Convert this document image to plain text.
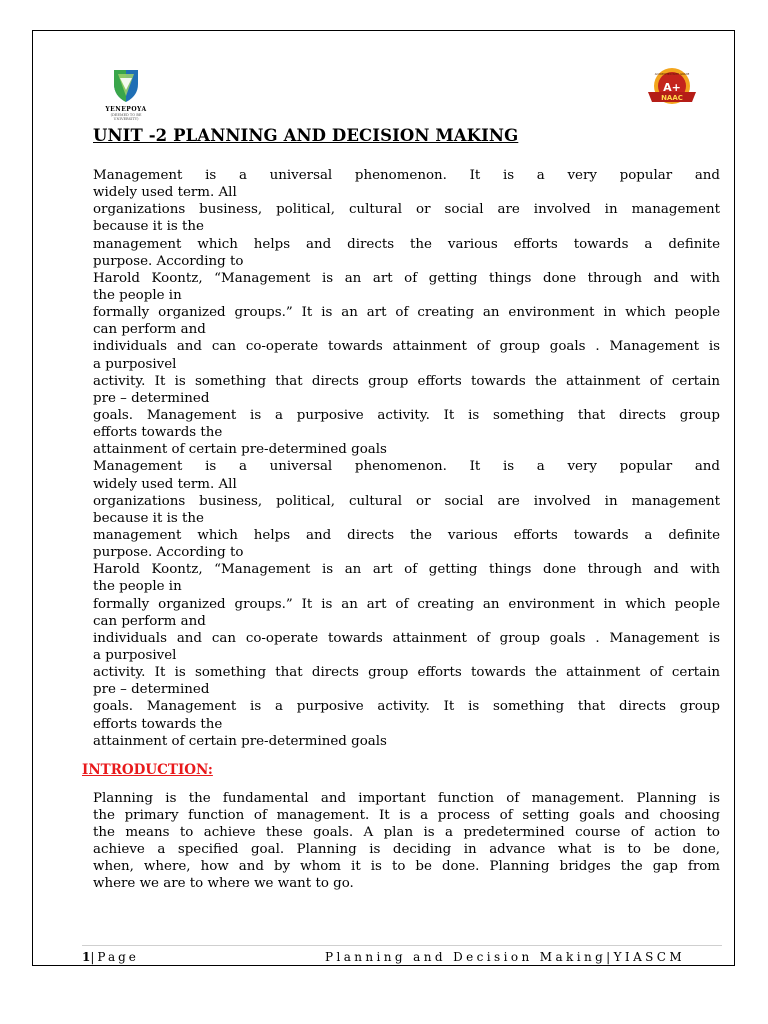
YENEPOYA
(DEEMED TO BE UNIVERSITY)
A+
NAAC
ACCREDITED WITH GRADE
UNIT -2 PLANNING AND DECISION MAKING
Management is a universal phenomenon. It is a very popular and
widely used term. All
organizations business, political, cultural or social are involved in management
because it is the
management which helps and directs the various efforts towards a definite
purpose. According to
Harold Koontz, “Management is an art of getting things done through and with
the people in
formally organized groups.” It is an art of creating an environment in which people
can perform and
individuals and can co-operate towards attainment of group goals . Management is
a purposivel
activity. It is something that directs group efforts towards the attainment of certain
pre – determined
goals. Management is a purposive activity. It is something that directs group
efforts towards the
attainment of certain pre-determined goals
Management is a universal phenomenon. It is a very popular and
widely used term. All
organizations business, political, cultural or social are involved in management
because it is the
management which helps and directs the various efforts towards a definite
purpose. According to
Harold Koontz, “Management is an art of getting things done through and with
the people in
formally organized groups.” It is an art of creating an environment in which people
can perform and
individuals and can co-operate towards attainment of group goals . Management is
a purposivel
activity. It is something that directs group efforts towards the attainment of certain
pre – determined
goals. Management is a purposive activity. It is something that directs group
efforts towards the
attainment of certain pre-determined goals
INTRODUCTION:
Planning is the fundamental and important function of management. Planning is
the primary function of management. It is a process of setting goals and choosing
the means to achieve these goals. A plan is a predetermined course of action to
achieve a specified goal. Planning is deciding in advance what is to be done,
when, where, how and by whom it is to be done. Planning bridges the gap from
where we are to where we want to go.
1|Page	Planning and Decision Making|YIASCM
